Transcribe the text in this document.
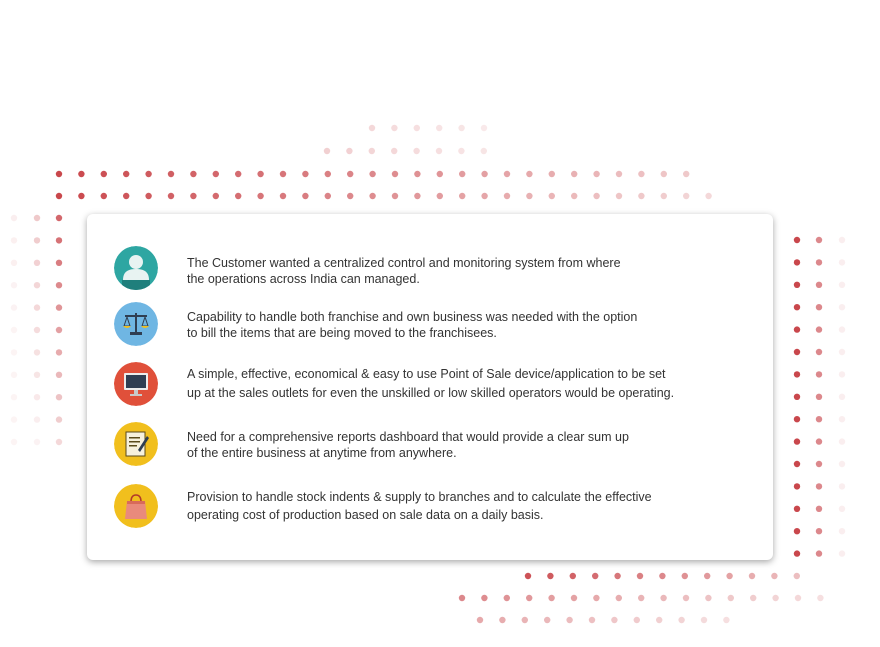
The Customer wanted a centralized control and monitoring system from where
the operations across India can managed.
Capability to handle both franchise and own business was needed with the option
to bill the items that are being moved to the franchisees.
A simple, effective, economical & easy to use Point of Sale device/application to be set
up at the sales outlets for even the unskilled or low skilled operators would be operating.
Need for a comprehensive reports dashboard that would provide a clear sum up
of the entire business at anytime from anywhere.
Provision to handle stock indents & supply to branches and to calculate the effective
operating cost of production based on sale data on a daily basis.
